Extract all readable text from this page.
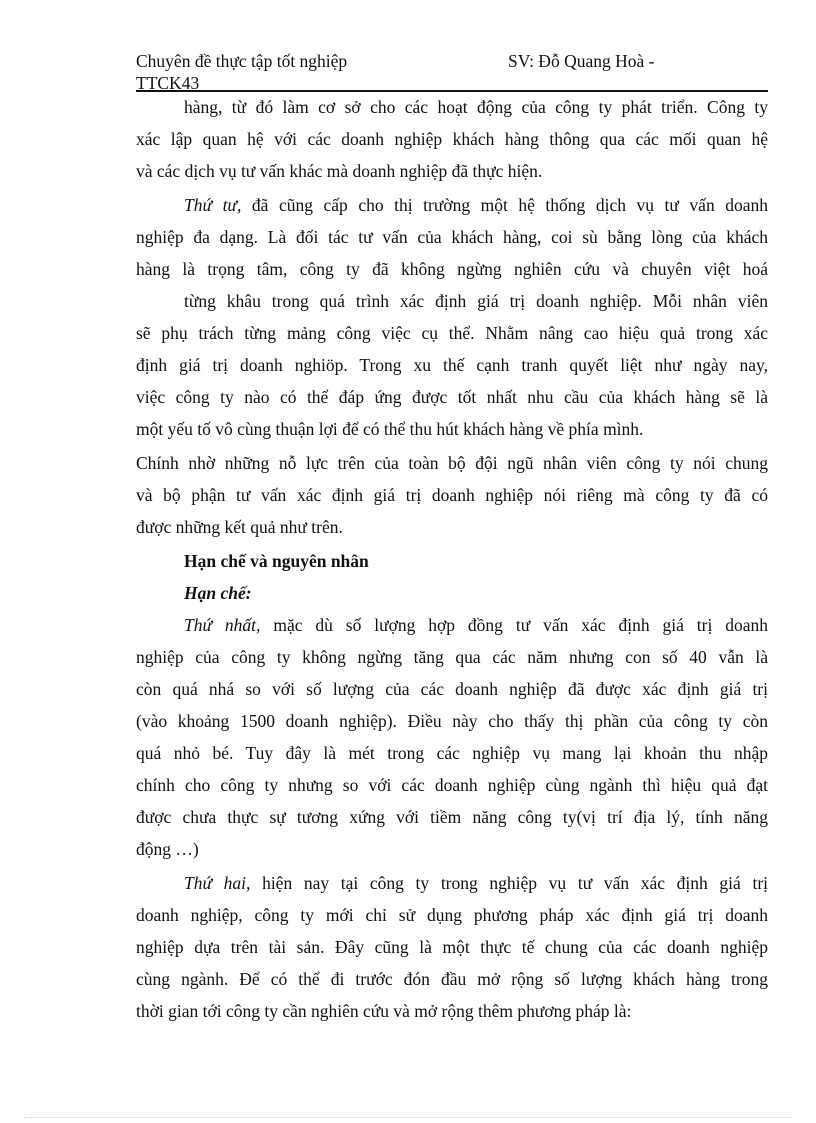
Chuyên đề thực tập tốt nghiệp	SV: Đỗ Quang Hoà -
TTCK43
hàng, từ đó làm cơ sở cho các hoạt động của công ty phát triển. Công ty
xác lập quan hệ với các doanh nghiệp khách hàng thông qua các mối quan hệ
và các dịch vụ tư vấn khác mà doanh nghiệp đã thực hiện.
Thứ tư, đã cũng cấp cho thị trường một hệ thống dịch vụ tư vấn doanh
nghiệp đa dạng. Là đối tác tư vấn của khách hàng, coi sù bằng lòng của khách
hàng là trọng tâm, công ty đã không ngừng nghiên cứu và chuyên việt hoá
từng khâu trong quá trình xác định giá trị doanh nghiệp. Mỗi nhân viên
sẽ phụ trách từng mảng công việc cụ thể. Nhằm nâng cao hiệu quả trong xác
định giá trị doanh nghiöp. Trong xu thế cạnh tranh quyết liệt như ngày nay,
việc công ty nào có thể đáp ứng được tốt nhất nhu cầu của khách hàng sẽ là
một yếu tố vô cùng thuận lợi để có thể thu hút khách hàng về phía mình.
Chính nhờ những nỗ lực trên của toàn bộ đội ngũ nhân viên công ty nói chung
và bộ phận tư vấn xác định giá trị doanh nghiệp nói riêng mà công ty đã có
được những kết quả như trên.
Hạn chế và nguyên nhân
Hạn chế:
Thứ nhất, mặc dù số lượng hợp đồng tư vấn xác định giá trị doanh
nghiệp của công ty không ngừng tăng qua các năm nhưng con số 40 vẫn là
còn quá nhá so với số lượng của các doanh nghiệp đã được xác định giá trị
(vào khoảng 1500 doanh nghiệp). Điều này cho thấy thị phần của công ty còn
quá nhỏ bé. Tuy đây là mét trong các nghiệp vụ mang lại khoản thu nhập
chính cho công ty nhưng so với các doanh nghiệp cùng ngành thì hiệu quả đạt
được chưa thực sự tương xứng với tiềm năng công ty(vị trí địa lý, tính năng
động …)
Thứ hai, hiện nay tại công ty trong nghiệp vụ tư vấn xác định giá trị
doanh nghiệp, công ty mới chỉ sử dụng phương pháp xác định giá trị doanh
nghiệp dựa trên tài sản. Đây cũng là một thực tế chung của các doanh nghiệp
cùng ngành. Để có thể đi trước đón đầu mở rộng số lượng khách hàng trong
thời gian tới công ty cần nghiên cứu và mở rộng thêm phương pháp là:
